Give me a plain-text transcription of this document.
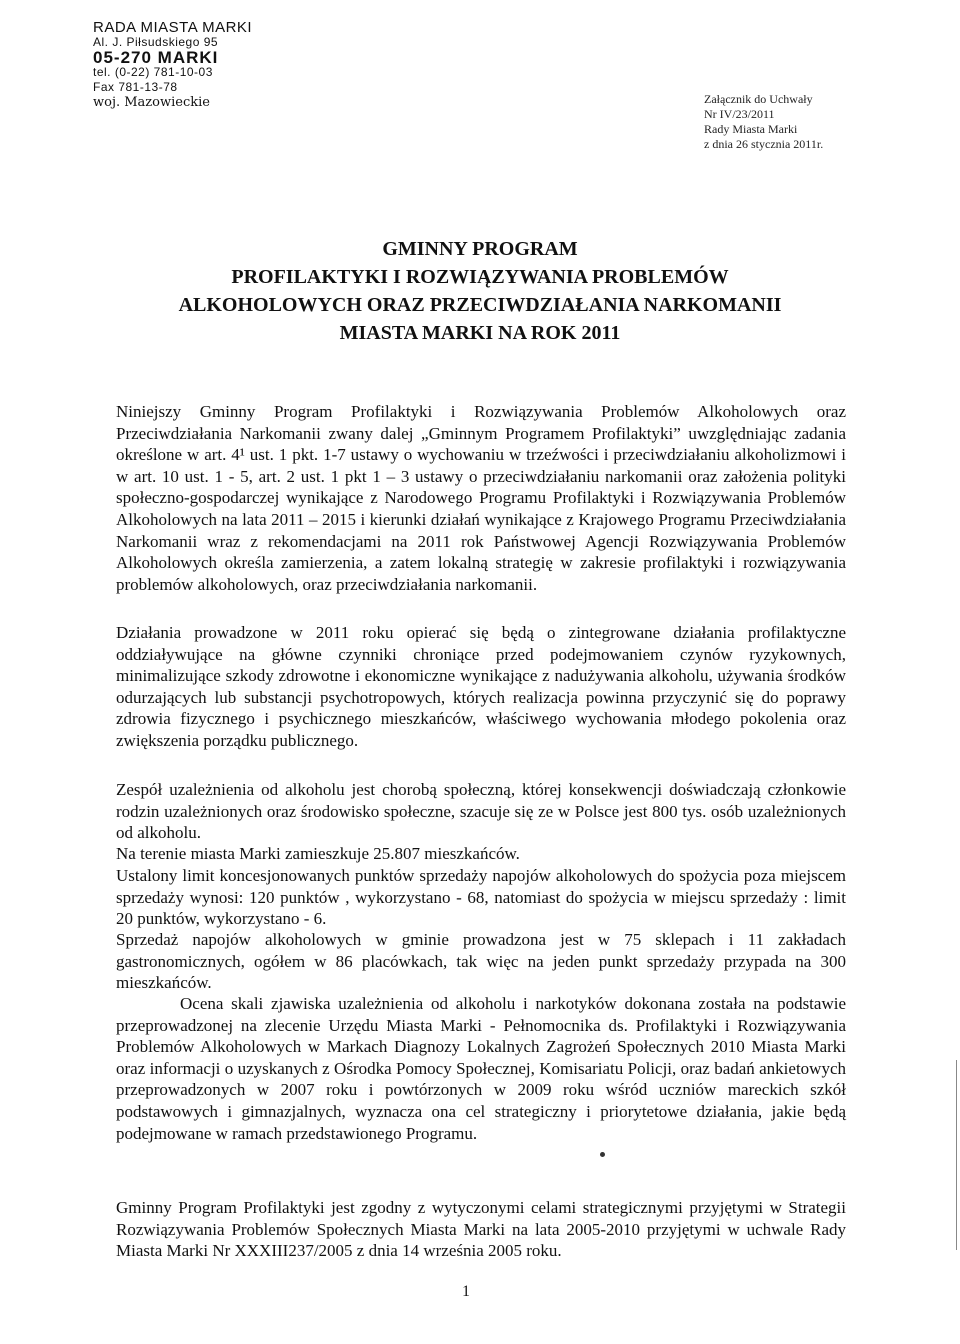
RADA MIASTA MARKI
Al. J. Piłsudskiego 95
05-270 MARKI
tel. (0-22) 781-10-03
Fax 781-13-78
woj. Mazowieckie	Załącznik do Uchwały
Nr IV/23/2011
Rady Miasta Marki
z dnia 26 stycznia 2011r.
GMINNY PROGRAM
PROFILAKTYKI I ROZWIĄZYWANIA PROBLEMÓW
ALKOHOLOWYCH ORAZ PRZECIWDZIAŁANIA NARKOMANII
MIASTA MARKI NA ROK 2011

Niniejszy Gminny Program Profilaktyki i Rozwiązywania Problemów Alkoholowych oraz Przeciwdziałania Narkomanii zwany dalej „Gminnym Programem Profilaktyki” uwzględniając zadania określone w art. 4¹ ust. 1 pkt. 1-7 ustawy o wychowaniu w trzeźwości i przeciwdziałaniu alkoholizmowi i w art. 10 ust. 1 - 5, art. 2 ust. 1 pkt 1 – 3 ustawy o przeciwdziałaniu narkomanii oraz założenia polityki społeczno-gospodarczej wynikające z Narodowego Programu Profilaktyki i Rozwiązywania Problemów Alkoholowych na lata 2011 – 2015 i kierunki działań wynikające z Krajowego Programu Przeciwdziałania Narkomanii wraz z rekomendacjami na 2011 rok Państwowej Agencji Rozwiązywania Problemów Alkoholowych określa zamierzenia, a zatem lokalną strategię w zakresie profilaktyki i rozwiązywania problemów alkoholowych, oraz przeciwdziałania narkomanii.

Działania prowadzone w 2011 roku opierać się będą o zintegrowane działania profilaktyczne oddziaływujące na główne czynniki chroniące przed podejmowaniem czynów ryzykownych, minimalizujące szkody zdrowotne i ekonomiczne wynikające z nadużywania alkoholu, używania środków odurzających lub substancji psychotropowych, których realizacja powinna przyczynić się do poprawy zdrowia fizycznego i psychicznego mieszkańców, właściwego wychowania młodego pokolenia oraz zwiększenia porządku publicznego.

Zespół uzależnienia od alkoholu jest chorobą społeczną, której konsekwencji doświadczają członkowie rodzin uzależnionych oraz środowisko społeczne, szacuje się ze w Polsce jest 800 tys. osób uzależnionych od alkoholu.

Na terenie miasta Marki zamieszkuje 25.807 mieszkańców.

Ustalony limit koncesjonowanych punktów sprzedaży napojów alkoholowych do spożycia poza miejscem sprzedaży wynosi: 120 punktów , wykorzystano - 68, natomiast do spożycia w miejscu sprzedaży : limit 20 punktów, wykorzystano - 6.

Sprzedaż napojów alkoholowych w gminie prowadzona jest w 75 sklepach i 11 zakładach gastronomicznych, ogółem w 86 placówkach, tak więc na jeden punkt sprzedaży przypada na 300 mieszkańców.

Ocena skali zjawiska uzależnienia od alkoholu i narkotyków dokonana została na podstawie przeprowadzonej na zlecenie Urzędu Miasta Marki - Pełnomocnika ds. Profilaktyki i Rozwiązywania Problemów Alkoholowych w Markach Diagnozy Lokalnych Zagrożeń Społecznych 2010 Miasta Marki oraz informacji o uzyskanych z Ośrodka Pomocy Społecznej, Komisariatu Policji, oraz badań ankietowych przeprowadzonych w 2007 roku i powtórzonych w 2009 roku wśród uczniów mareckich szkół podstawowych i gimnazjalnych, wyznacza ona cel strategiczny i priorytetowe działania, jakie będą podejmowane w ramach przedstawionego Programu.

Gminny Program Profilaktyki jest zgodny z wytyczonymi celami strategicznymi przyjętymi w Strategii Rozwiązywania Problemów Społecznych Miasta Marki na lata 2005-2010 przyjętymi w uchwale Rady Miasta Marki Nr XXXIII237/2005 z dnia 14 września 2005 roku.

1
